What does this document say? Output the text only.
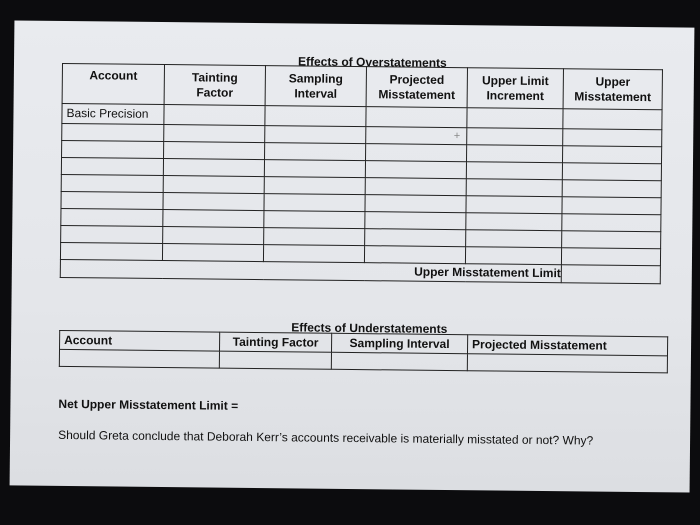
Effects of Overstatements
Account	Tainting Factor	Sampling Interval	Projected Misstatement	Upper Limit Increment	Upper Misstatement
Basic Precision					
			+		

Upper Misstatement Limit					
Effects of Understatements
Account	Tainting Factor	Sampling Interval	Projected Misstatement

Net Upper Misstatement Limit =
Should Greta conclude that Deborah Kerr’s accounts receivable is materially misstated or not? Why?
